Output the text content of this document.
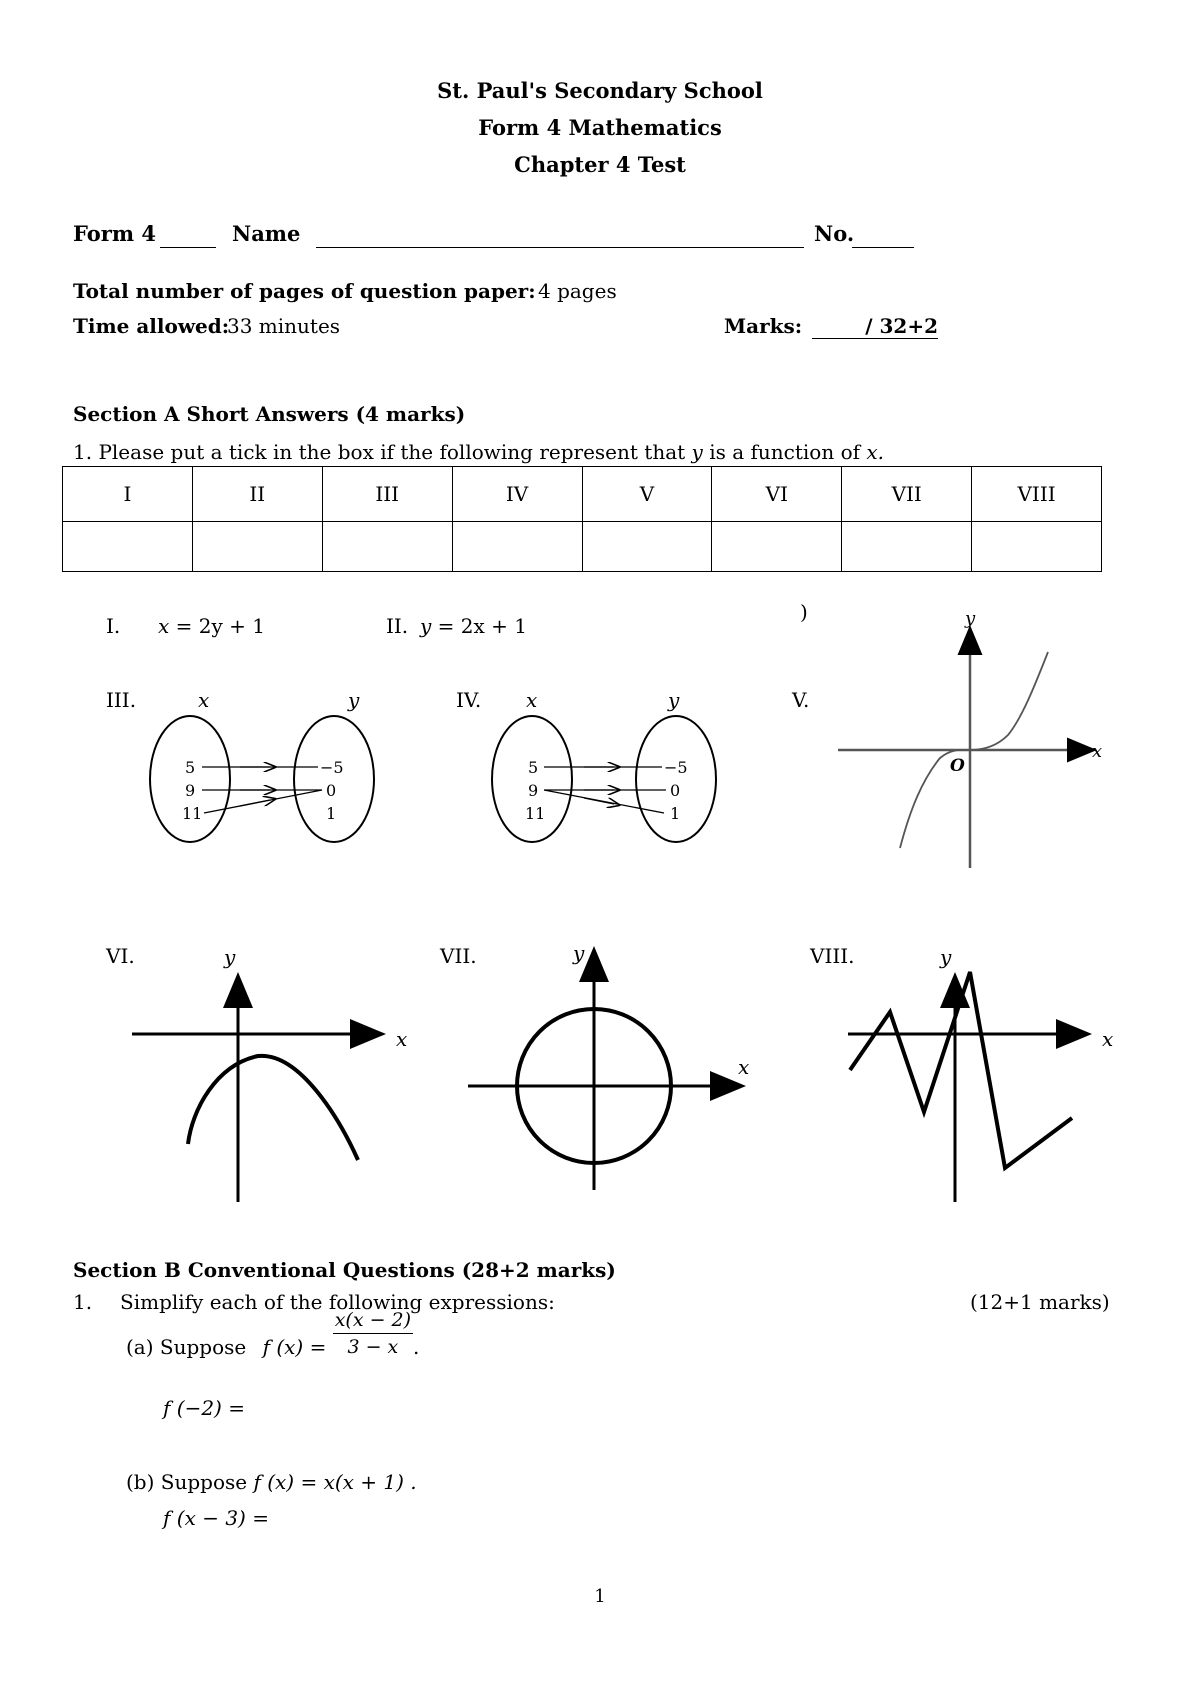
St. Paul's Secondary School
Form 4 Mathematics
Chapter 4 Test
Form 4	Name	No.
Total number of pages of question paper: 4 pages
Time allowed:
33 minutes	Marks:	/ 32+2
Section A Short Answers (4 marks)
1. Please put a tick in the box if the following represent that y is a function of x.
I	II	III	IV	V	VI	VII	VIII

I. x = 2y + 1	II. y = 2x + 1
)
III.	IV.	V.
x	y
5
9
11
−5
0
1
x	y
5
9
11
−5
0
1
y
x
O
VI.	VII.	VIII.
y
x
y
x
y
x
Section B Conventional Questions (28+2 marks)
1. Simplify each of the following expressions:	(12+1 marks)
(a) Suppose f $(x) = \frac{x(x - 2)}{3 - x}$ .
f (−2) =
(b) Suppose f (x) = x(x + 1) .
f (x − 3) =
1
